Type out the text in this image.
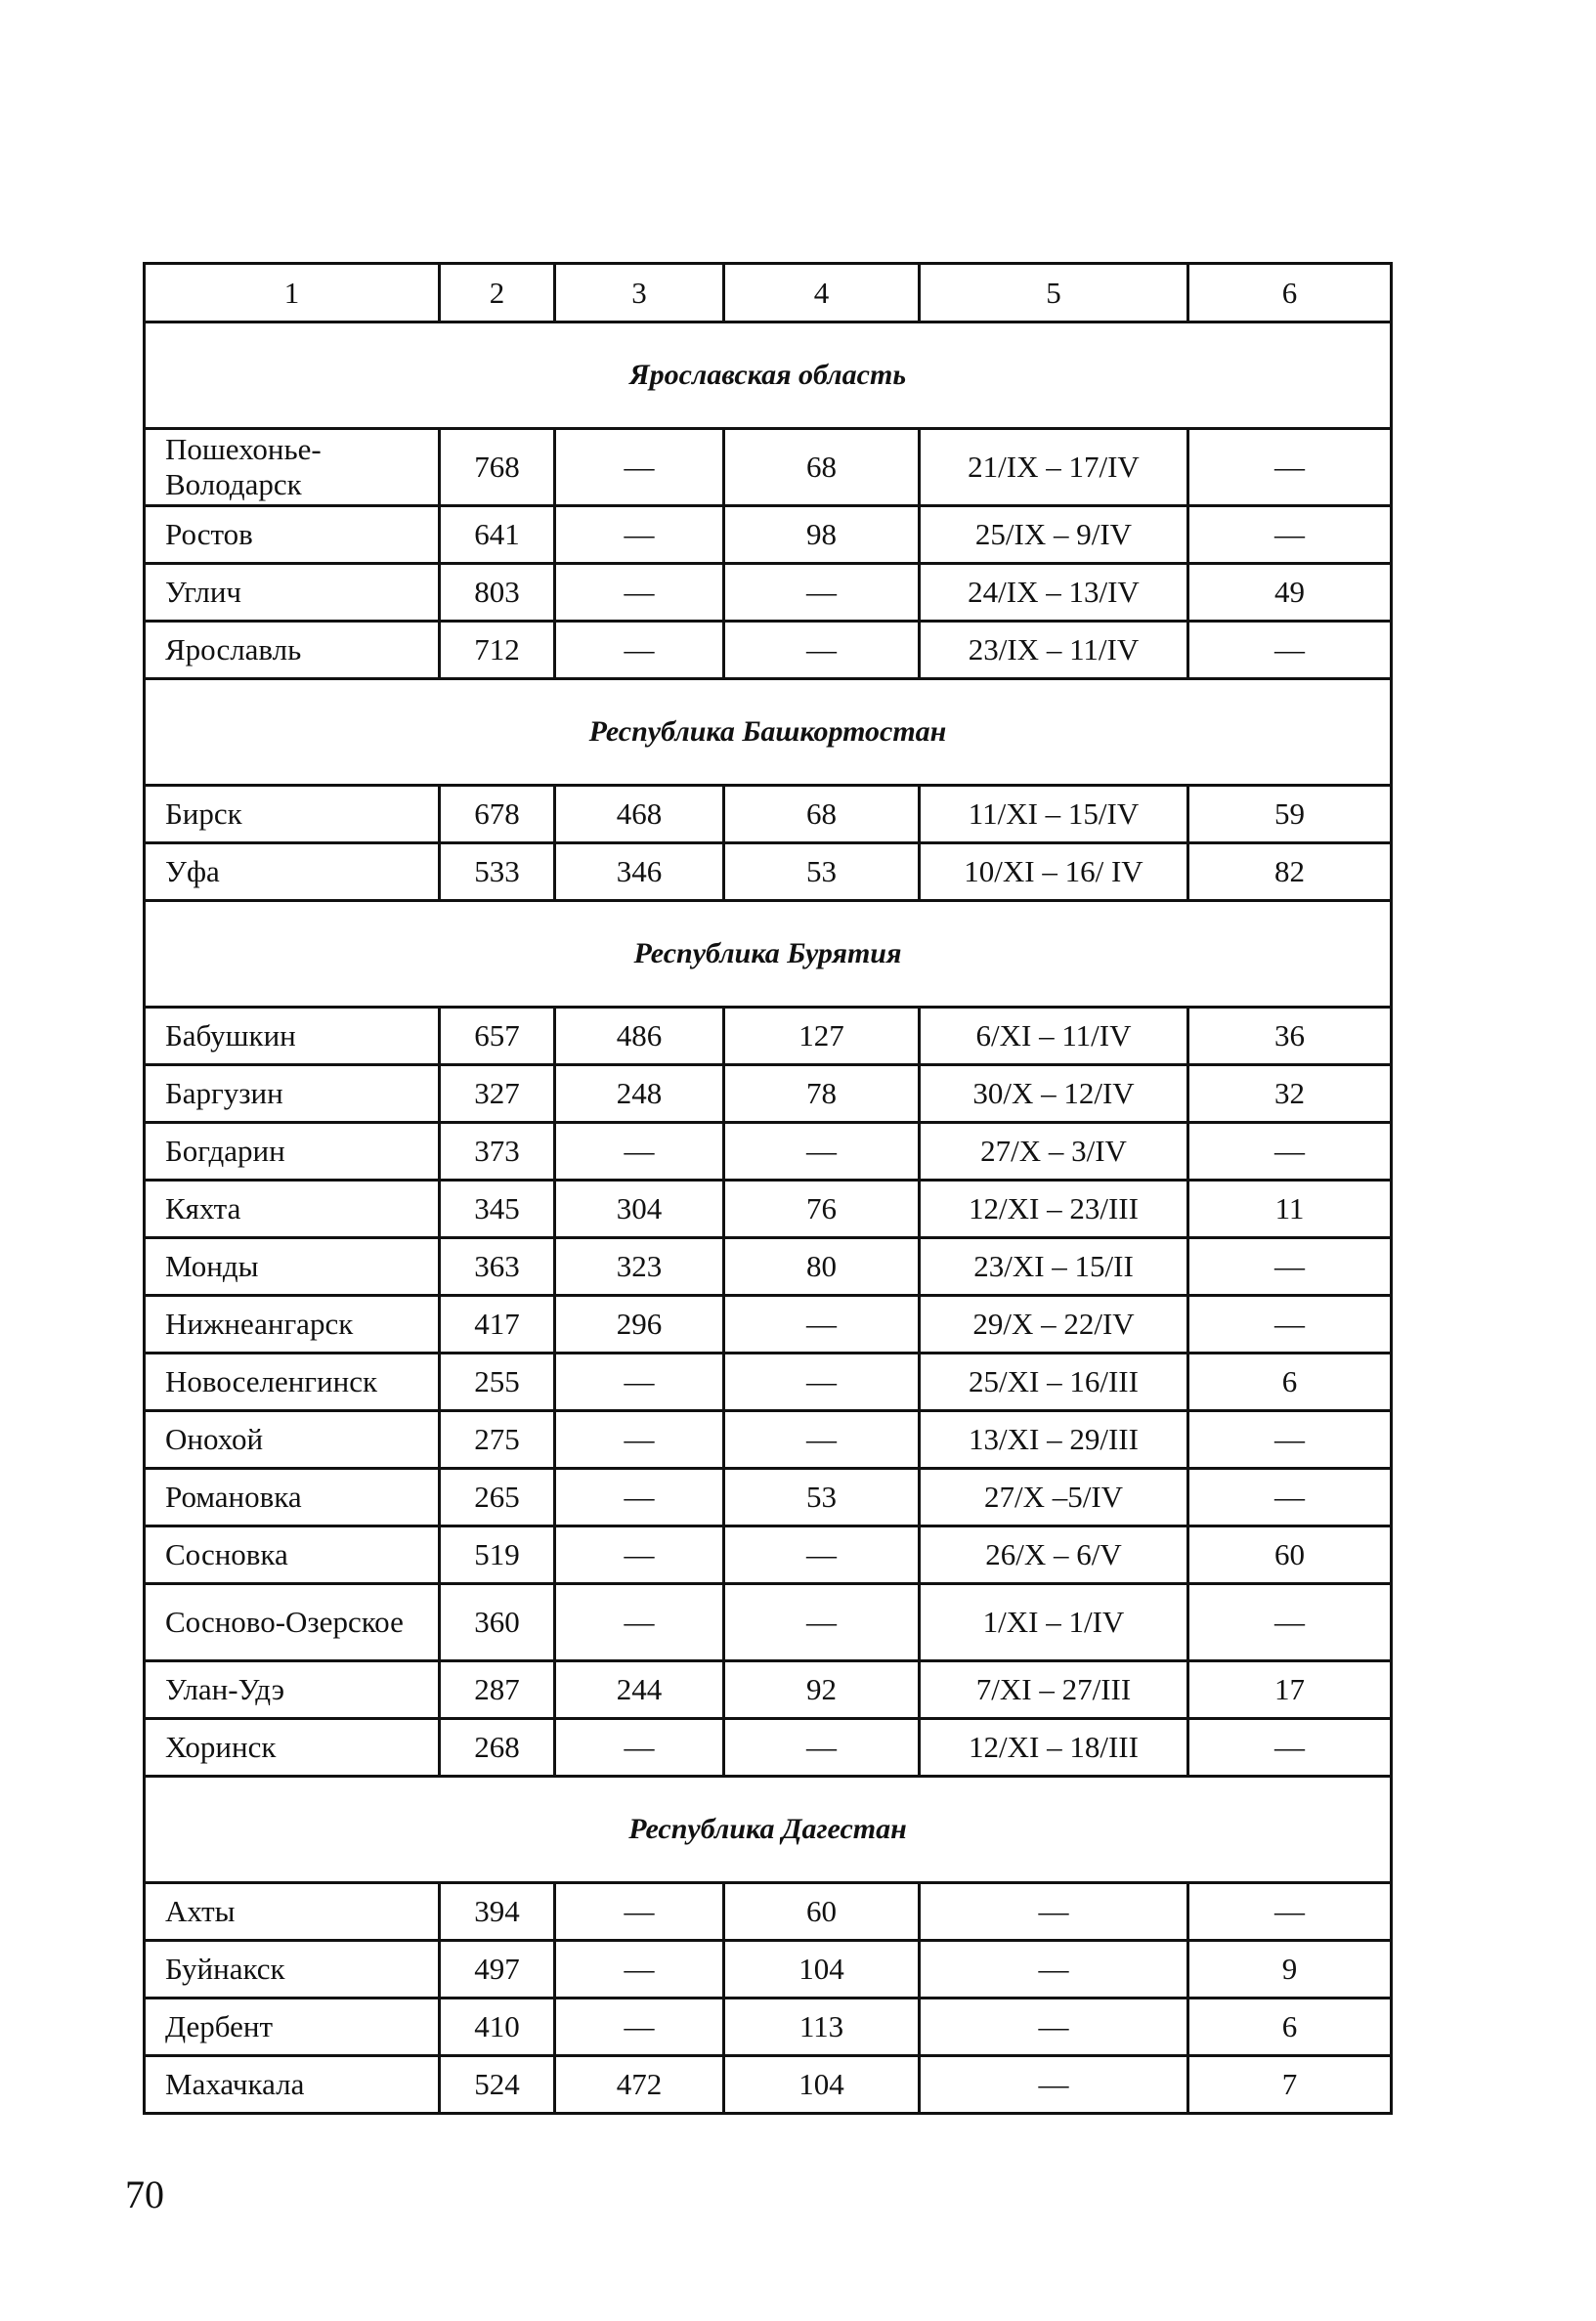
1	2	3	4	5	6
Ярославская область					
Пошехонье-Володарск	768	—	68	21/IX – 17/IV	—
Ростов	641	—	98	25/IX – 9/IV	—
Углич	803	—	—	24/IX – 13/IV	49
Ярославль	712	—	—	23/IX – 11/IV	—
Республика Башкортостан					
Бирск	678	468	68	11/XI – 15/IV	59
Уфа	533	346	53	10/XI – 16/ IV	82
Республика Бурятия					
Бабушкин	657	486	127	6/XI – 11/IV	36
Баргузин	327	248	78	30/X – 12/IV	32
Богдарин	373	—	—	27/X – 3/IV	—
Кяхта	345	304	76	12/XI – 23/III	11
Монды	363	323	80	23/XI – 15/II	—
Нижнеангарск	417	296	—	29/X – 22/IV	—
Новоселенгинск	255	—	—	25/XI – 16/III	6
Онохой	275	—	—	13/XI – 29/III	—
Романовка	265	—	53	27/X –5/IV	—
Сосновка	519	—	—	26/X – 6/V	60
Сосново-Озерское	360	—	—	1/XI – 1/IV	—
Улан-Удэ	287	244	92	7/XI – 27/III	17
Хоринск	268	—	—	12/XI – 18/III	—
Республика Дагестан					
Ахты	394	—	60	—	—
Буйнакск	497	—	104	—	9
Дербент	410	—	113	—	6
Махачкала	524	472	104	—	7
70
